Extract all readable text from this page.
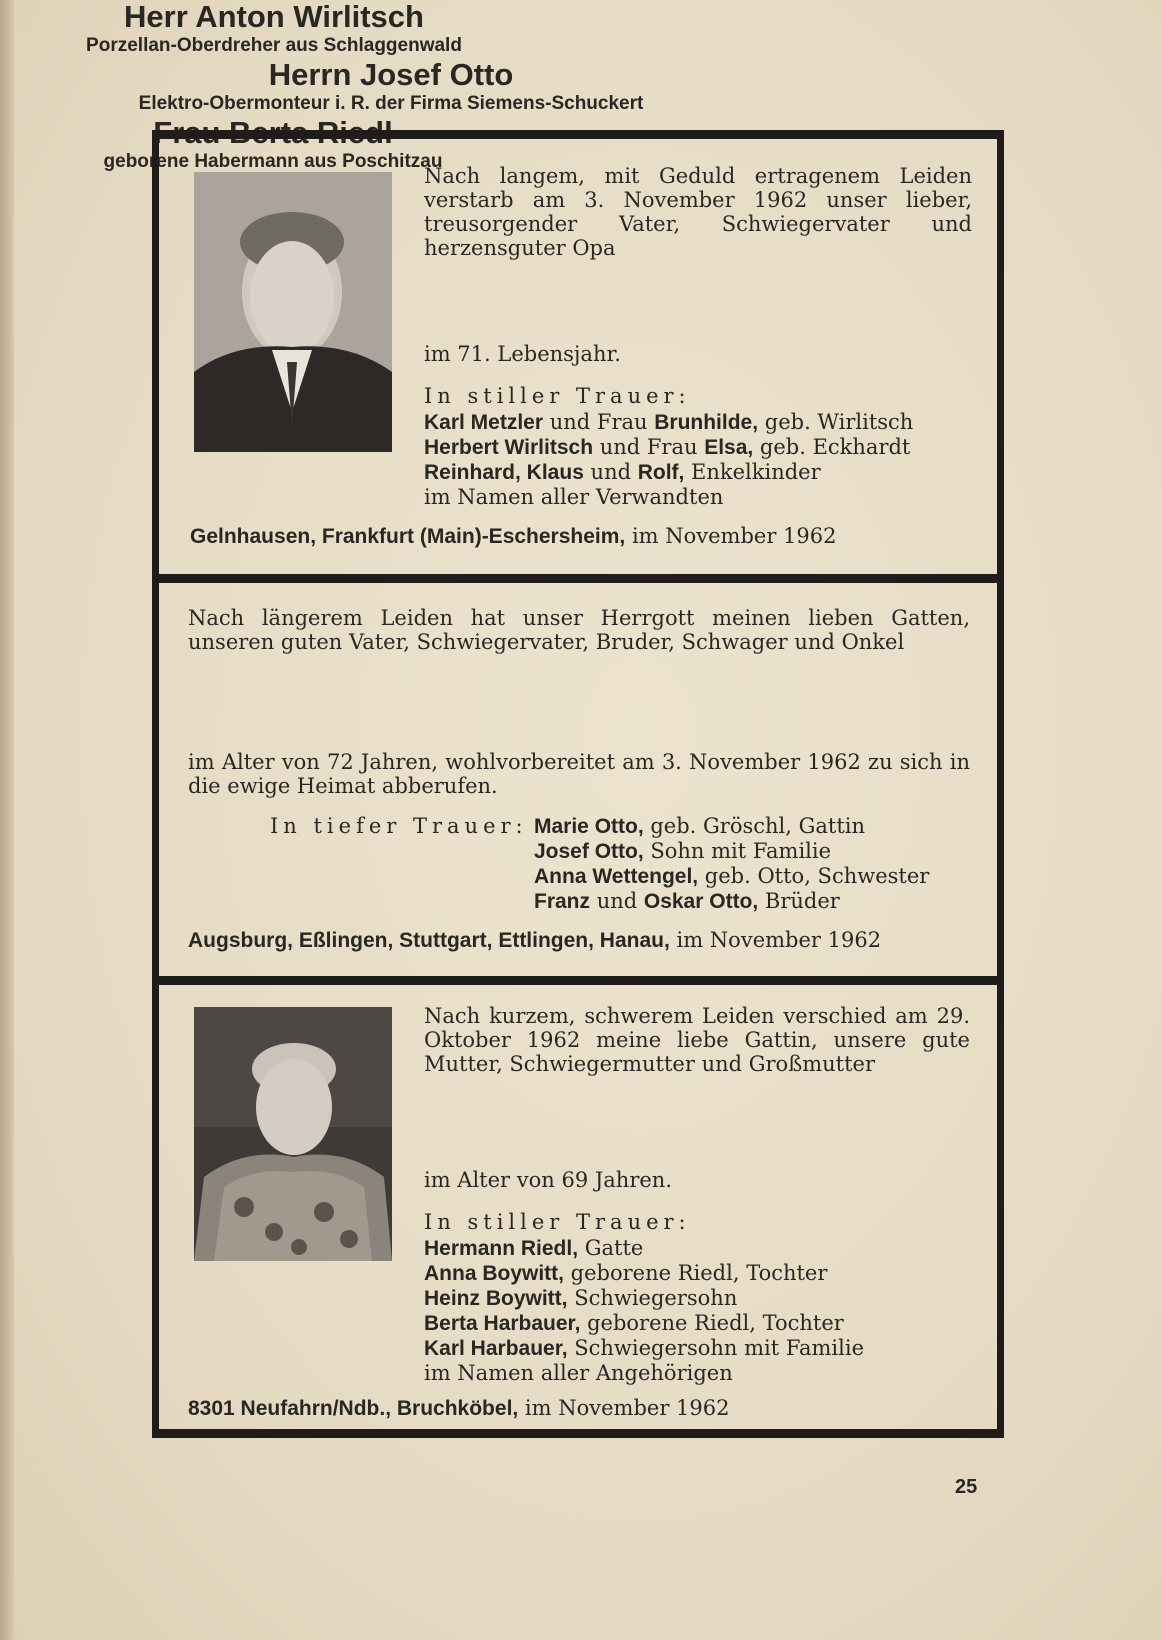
Nach langem, mit Geduld ertragenem Leiden verstarb am 3. November 1962 unser lieber, treusorgender Vater, Schwiegervater und herzensguter Opa
Herr Anton Wirlitsch
Porzellan-Oberdreher aus Schlaggenwald
im 71. Lebensjahr.
In stiller Trauer:
Karl Metzler und Frau Brunhilde, geb. Wirlitsch
Herbert Wirlitsch und Frau Elsa, geb. Eckhardt
Reinhard, Klaus und Rolf, Enkelkinder
im Namen aller Verwandten
Gelnhausen, Frankfurt (Main)-Eschersheim, im November 1962
Nach längerem Leiden hat unser Herrgott meinen lieben Gatten, unseren guten Vater, Schwiegervater, Bruder, Schwager und Onkel
Herrn Josef Otto
Elektro-Obermonteur i. R. der Firma Siemens-Schuckert
im Alter von 72 Jahren, wohlvorbereitet am 3. November 1962 zu sich in die ewige Heimat abberufen.
In tiefer Trauer: Marie Otto, geb. Gröschl, Gattin
Josef Otto, Sohn mit Familie
Anna Wettengel, geb. Otto, Schwester
Franz und Oskar Otto, Brüder
Augsburg, Eßlingen, Stuttgart, Ettlingen, Hanau, im November 1962
Nach kurzem, schwerem Leiden verschied am 29. Oktober 1962 meine liebe Gattin, unsere gute Mutter, Schwiegermutter und Großmutter
geborene Habermann aus Poschitzau
im Alter von 69 Jahren.
In stiller Trauer:
Hermann Riedl, Gatte
Anna Boywitt, geborene Riedl, Tochter
Heinz Boywitt, Schwiegersohn
Berta Harbauer, geborene Riedl, Tochter
Karl Harbauer, Schwiegersohn mit Familie
im Namen aller Angehörigen
8301 Neufahrn/Ndb., Bruchköbel, im November 1962
25
